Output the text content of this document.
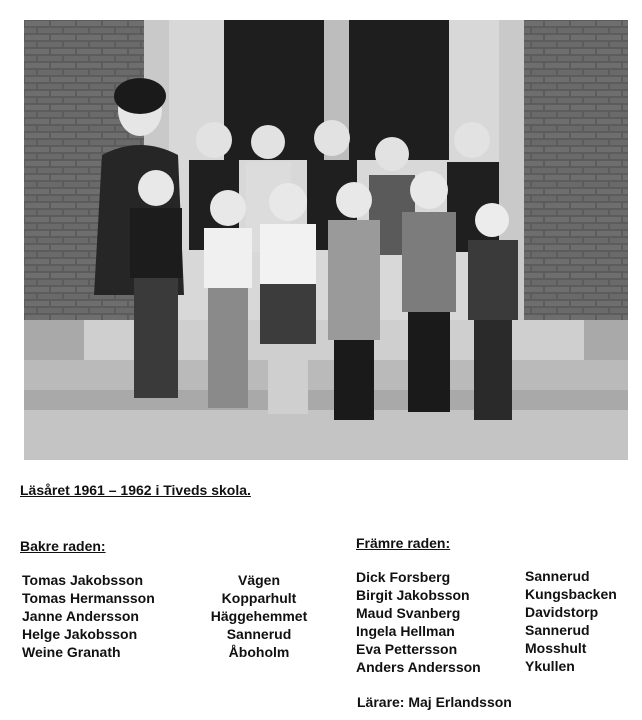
Läsåret 1961 – 1962 i Tiveds skola.
Bakre raden:
Tomas Jakobsson
Tomas Hermansson
Janne Andersson
Helge Jakobsson
Weine Granath
Vägen
Kopparhult
Häggehemmet
Sannerud
Åboholm
Främre raden:
Dick Forsberg
Birgit Jakobsson
Maud Svanberg
Ingela Hellman
Eva Pettersson
Anders Andersson
Sannerud
Kungsbacken
Davidstorp
Sannerud
Mosshult
Ykullen
Lärare: Maj Erlandsson
